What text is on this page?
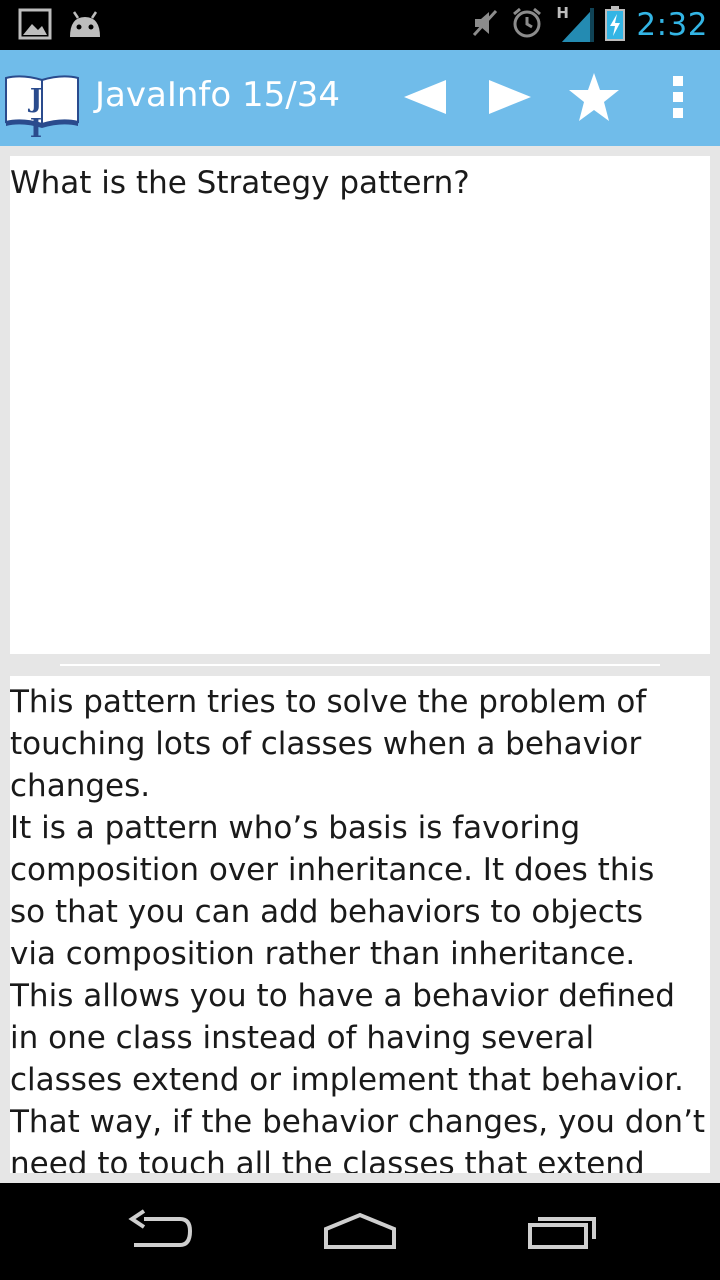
H 2:32
J I
JavaInfo 15/34

What is the Strategy pattern?

This pattern tries to solve the problem of
touching lots of classes when a behavior
changes.
It is a pattern who’s basis is favoring
composition over inheritance. It does this
so that you can add behaviors to objects
via composition rather than inheritance.
This allows you to have a behavior defined
in one class instead of having several
classes extend or implement that behavior.
That way, if the behavior changes, you don’t
need to touch all the classes that extend
